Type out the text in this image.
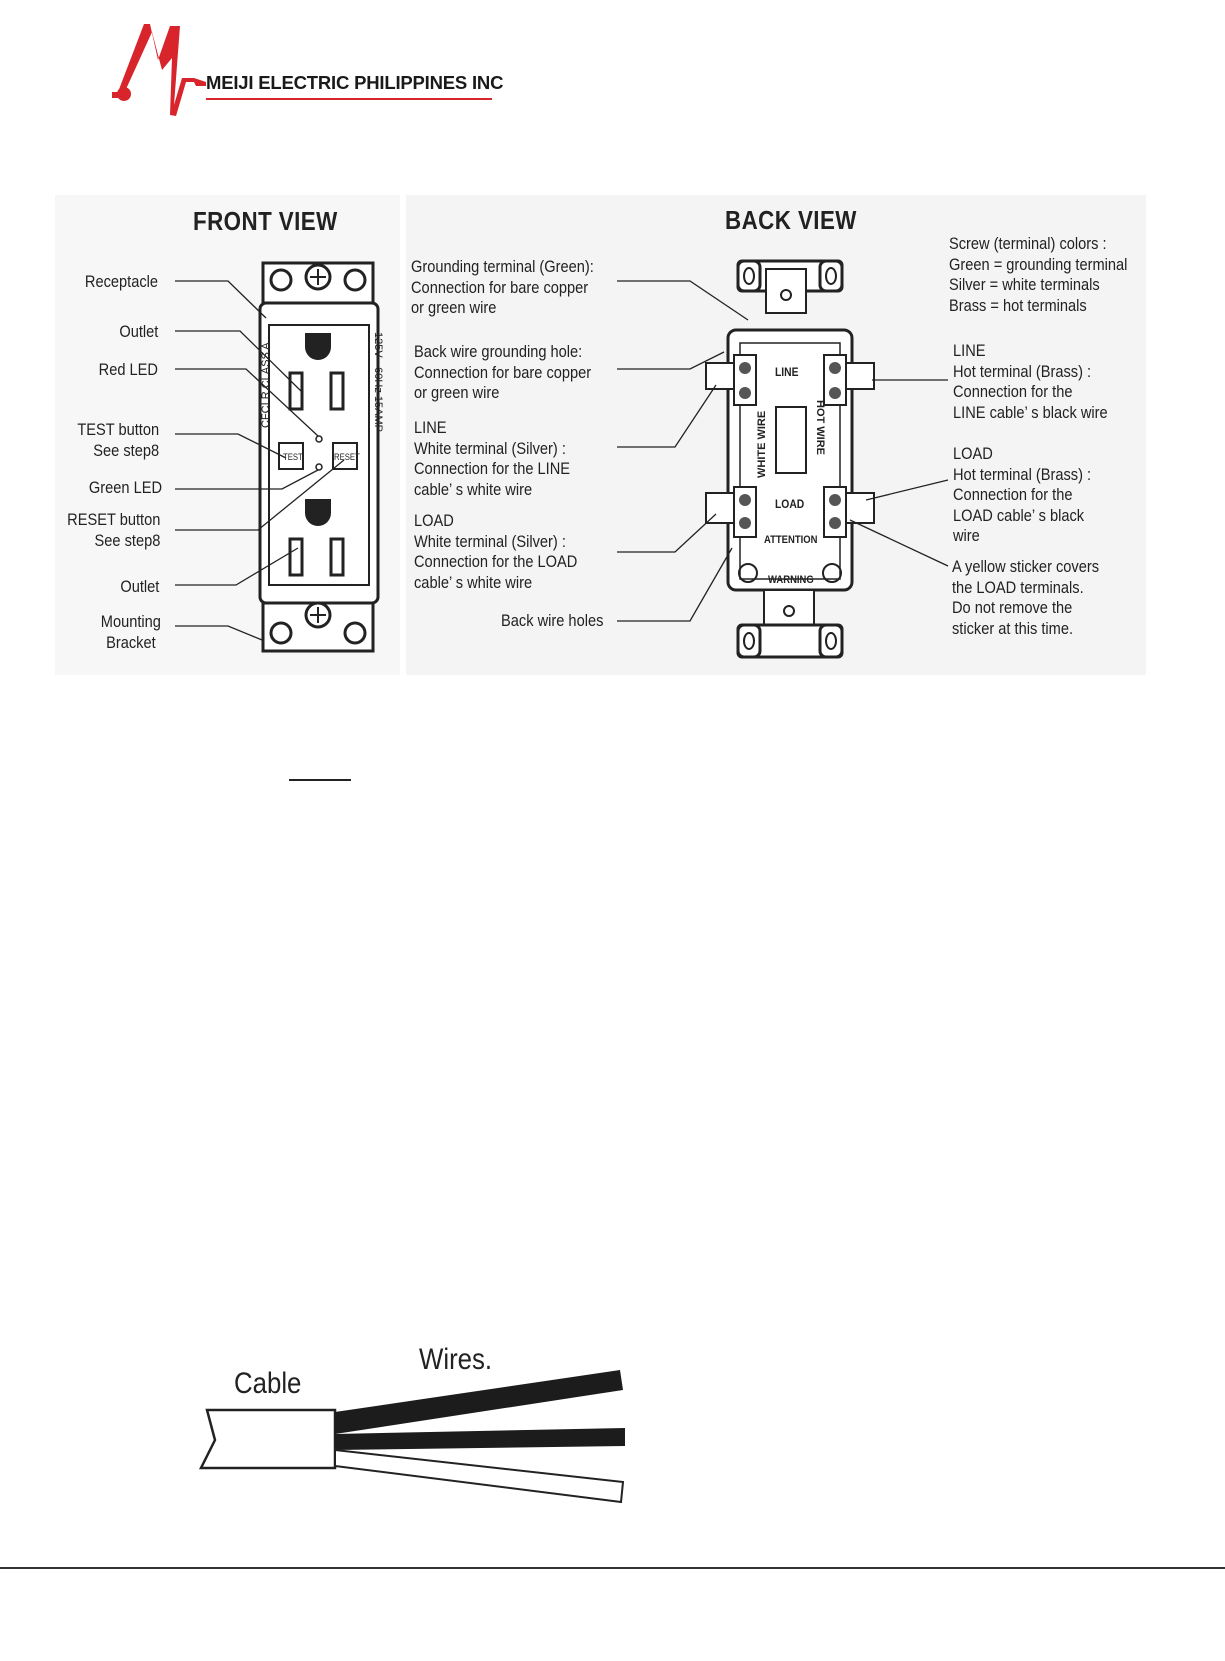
MEIJI ELECTRIC PHILIPPINES INC
FRONT VIEW
125V~ 60Hz 15AMP
CFCI R CLASS A
TEST	RESET
Receptacle
Outlet
Red LED

TEST button

See step8

Green LED

RESET button

See step8

Outlet

Mounting

Bracket

BACK VIEW
LINE
LOAD
WHITE WIRE	HOT WIRE
WARNING
ATTENTION

Grounding terminal (Green):

Connection for bare copper

or green wire

Back wire grounding hole:

Connection for bare copper

or green wire

LINE

White terminal (Silver) :

Connection for the LINE

cable’ s white wire

LOAD

White terminal (Silver) :

Connection for the LOAD

cable’ s white wire

Back wire holes

Screw (terminal) colors :

Green = grounding terminal

Silver = white terminals

Brass = hot terminals

LINE

Hot terminal (Brass) :

Connection for the

LINE cable’ s black wire

LOAD

Hot terminal (Brass) :

Connection for the

LOAD cable’ s black

wire

A yellow sticker covers

the LOAD terminals.

Do not remove the

sticker at this time.

Cable
Wires.
